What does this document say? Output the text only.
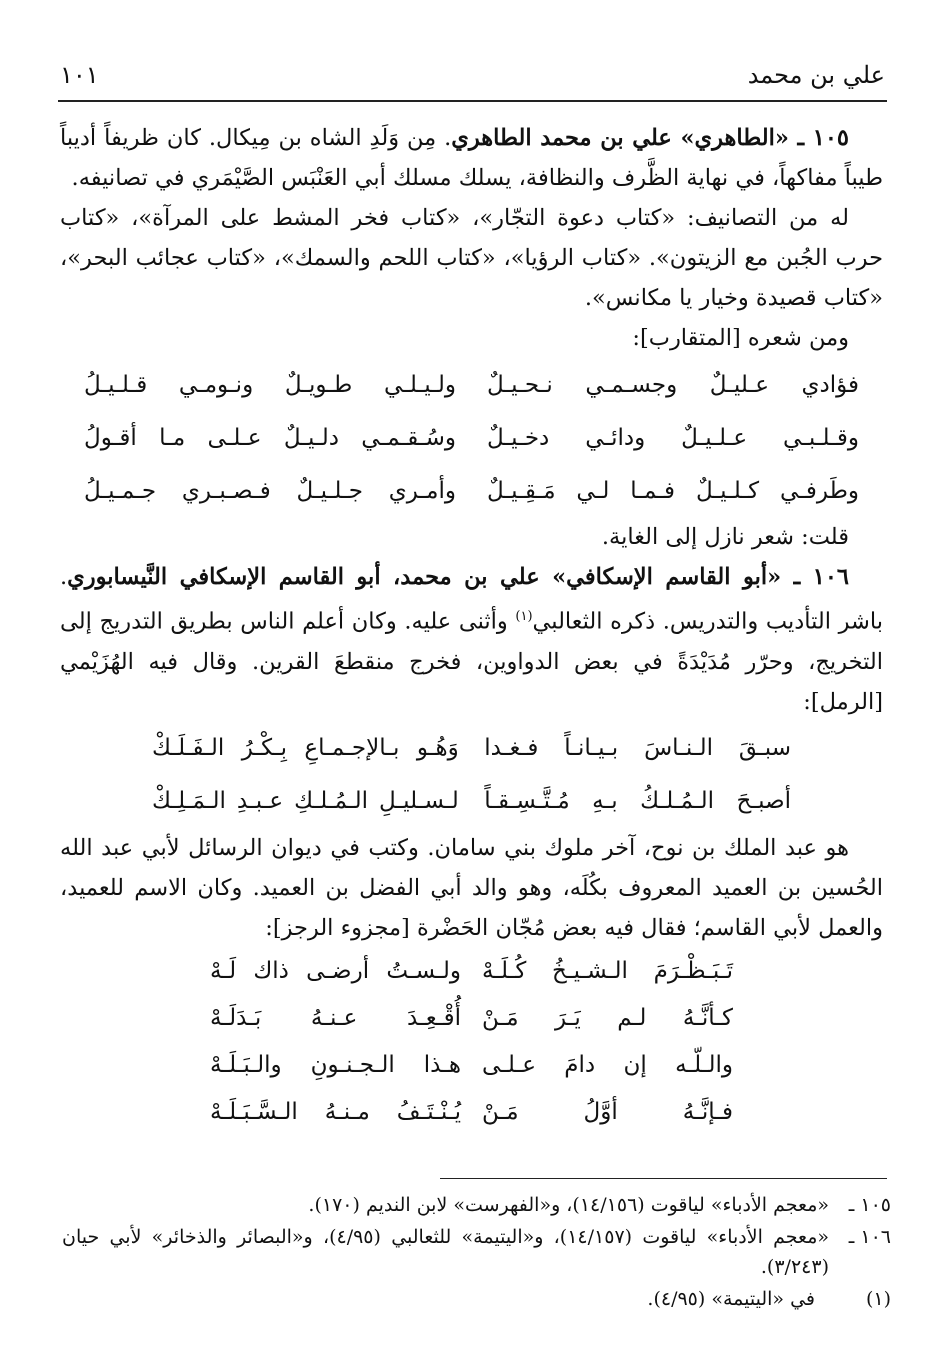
علي بن محمد
١٠١

١٠٥ ـ «الطاهري» علي بن محمد الطاهري. مِن وَلَدِ الشاه بن مِيكال. كان ظريفاً أديباً طيباً مفاكهاً، في نهاية الظَّرف والنظافة، يسلك مسلك أبي العَنْبَس الصَّيْمَري في تصانيفه.

له من التصانيف: «كتاب دعوة التجّار»، «كتاب فخر المشط على المرآة»، «كتاب حرب الجُبن مع الزيتون». «كتاب الرؤيا»، «كتاب اللحم والسمك»، «كتاب عجائب البحر»، «كتاب قصيدة وخيار يا مكانس».

ومن شعره [المتقارب]:

فؤادي عـليـلٌ وجسـمـي نـحـيـلٌ
ولـيـلـي طـويـلٌ ونـومـي قـلـيـلُ
وقـلـبـي عـلـيـلٌ ودائـي دخـيـلٌ
وسُـقـمـي دلـيـلٌ عـلـى مـا أقـولُ
وطَرفـي كـلـيـلٌ فـمـا لـي مَـقِـيـلٌ
وأمـري جـلـيـلٌ فـصـبـري جـمـيـلُ

قلت: شعر نازل إلى الغاية.

١٠٦ ـ «أبو القاسم الإسكافي» علي بن محمد، أبو القاسم الإسكافي النَّيسابوري. باشر التأديب والتدريس. ذكره الثعالبي$^{(١)}$ وأثنى عليه. وكان أعلم الناس بطريق التدريج إلى التخريج، وحرّر مُدَيْدَةً في بعض الدواوين، فخرج منقطعَ القرين. وقال فيه الهُزَيْمي [الرمل]:

سبـقَ الـنـاسَ بـيـانـاً فـغـدا
وَهُـو بـالإجـمـاعِ بِـكْـرُ الـفَـلَـكْ
أصبـحَ الـمُـلـكُ بـهِ مُـتَّـسِـقـاً
لـسـليـلِ الـمُـلـكِ عـبـدِ الـمَـلِـكْ

هو عبد الملك بن نوح، آخر ملوك بني سامان. وكتب في ديوان الرسائل لأبي عبد الله الحُسين بن العميد المعروف بكُلَه، وهو والد أبي الفضل بن العميد. وكان الاسم للعميد، والعمل لأبي القاسم؛ فقال فيه بعض مُجّان الحَضْرة [مجزوء الرجز]:

تَـبَـظْـرَمَ الـشـيـخُ كُـلَـهْ
ولـسـتُ أرضـى ذاك لَـهْ
كـأنَّـهُ لـم يَـرَ مَـنْ
أُقْـعِـدَ عـنـهُ بَـدَلَـهْ
والـلّـه إن دامَ عـلـى
هـذا الـجـنـونِ والـبَـلَـهْ
فـإنَّـهُ أوَّلُ مَـنْ
يُـنْـتَـفُ مـنـهُ الـسَّـبَـلَـهْ
١٠٥ ـ
«معجم الأدباء» لياقوت (١٤/١٥٦)، و«الفهرست» لابن النديم (١٧٠).
١٠٦ ـ
«معجم الأدباء» لياقوت (١٤/١٥٧)، و«اليتيمة» للثعالبي (٤/٩٥)، و«البصائر والذخائر» لأبي حيان (٣/٢٤٣).
(١)
في «اليتيمة» (٤/٩٥).
